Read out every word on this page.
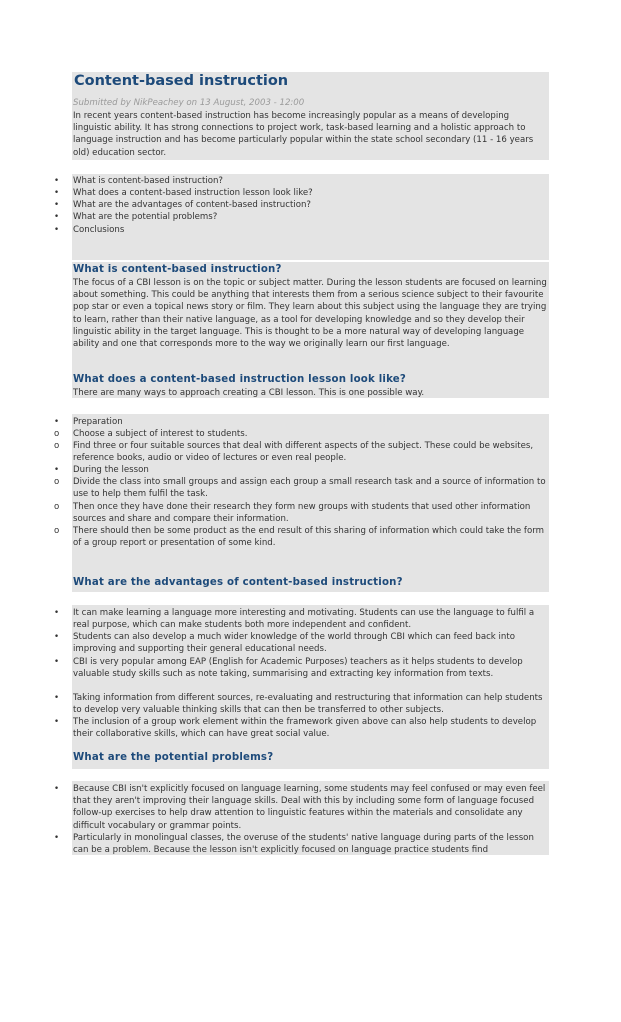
Content-based instruction
Submitted by NikPeachey on 13 August, 2003 - 12:00
In recent years content-based instruction has become increasingly popular as a means of developing linguistic ability. It has strong connections to project work, task-based learning and a holistic approach to language instruction and has become particularly popular within the state school secondary (11 - 16 years old) education sector.
• What is content-based instruction?
• What does a content-based instruction lesson look like?
• What are the advantages of content-based instruction?
• What are the potential problems?
• Conclusions
What is content-based instruction?
The focus of a CBI lesson is on the topic or subject matter. During the lesson students are focused on learning about something. This could be anything that interests them from a serious science subject to their favourite pop star or even a topical news story or film. They learn about this subject using the language they are trying to learn, rather than their native language, as a tool for developing knowledge and so they develop their linguistic ability in the target language. This is thought to be a more natural way of developing language ability and one that corresponds more to the way we originally learn our first language.
What does a content-based instruction lesson look like?
There are many ways to approach creating a CBI lesson. This is one possible way.
• Preparation
o Choose a subject of interest to students.
o Find three or four suitable sources that deal with different aspects of the subject. These could be websites, reference books, audio or video of lectures or even real people.
• During the lesson
o Divide the class into small groups and assign each group a small research task and a source of information to use to help them fulfil the task.
o Then once they have done their research they form new groups with students that used other information sources and share and compare their information.
o There should then be some product as the end result of this sharing of information which could take the form of a group report or presentation of some kind.
What are the advantages of content-based instruction?
• It can make learning a language more interesting and motivating. Students can use the language to fulfil a real purpose, which can make students both more independent and confident.
• Students can also develop a much wider knowledge of the world through CBI which can feed back into improving and supporting their general educational needs.
• CBI is very popular among EAP (English for Academic Purposes) teachers as it helps students to develop valuable study skills such as note taking, summarising and extracting key information from texts.
• Taking information from different sources, re-evaluating and restructuring that information can help students to develop very valuable thinking skills that can then be transferred to other subjects.
• The inclusion of a group work element within the framework given above can also help students to develop their collaborative skills, which can have great social value.
What are the potential problems?
• Because CBI isn't explicitly focused on language learning, some students may feel confused or may even feel that they aren't improving their language skills. Deal with this by including some form of language focused follow-up exercises to help draw attention to linguistic features within the materials and consolidate any difficult vocabulary or grammar points.
• Particularly in monolingual classes, the overuse of the students' native language during parts of the lesson can be a problem. Because the lesson isn't explicitly focused on language practice students find
